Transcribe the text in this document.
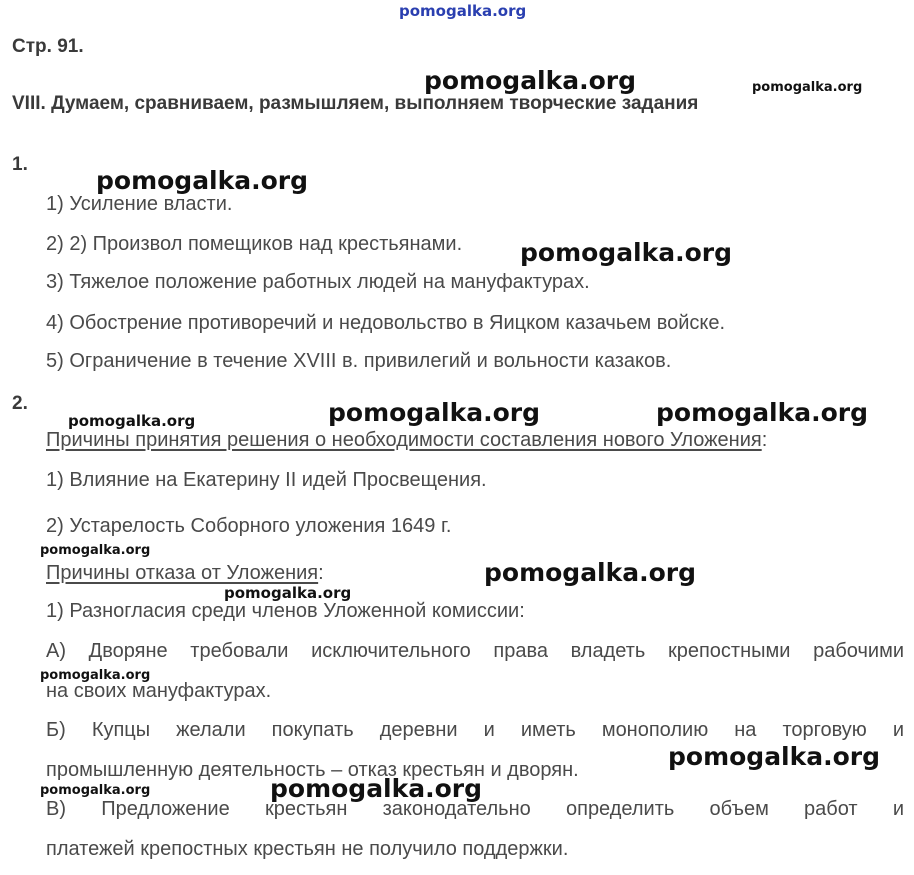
pomogalka.org
pomogalka.org	pomogalka.org
pomogalka.org
pomogalka.org
pomogalka.org	pomogalka.org	pomogalka.org
pomogalka.org
pomogalka.org
pomogalka.org
pomogalka.org
pomogalka.org
pomogalka.org	pomogalka.org
Стр. 91.
VIII. Думаем, сравниваем, размышляем, выполняем творческие задания
1.
1) Усиление власти.
2) 2) Произвол помещиков над крестьянами.
3) Тяжелое положение работных людей на мануфактурах.
4) Обострение противоречий и недовольство в Яицком казачьем войске.
5) Ограничение в течение XVIII в. привилегий и вольности казаков.
2.
Причины принятия решения о необходимости составления нового Уложения:
1) Влияние на Екатерину II идей Просвещения.
2) Устарелость Соборного уложения 1649 г.
Причины отказа от Уложения:
1) Разногласия среди членов Уложенной комиссии:
А) Дворяне требовали исключительного права владеть крепостными рабочими
на своих мануфактурах.
Б) Купцы желали покупать деревни и иметь монополию на торговую и
промышленную деятельность – отказ крестьян и дворян.
В) Предложение крестьян законодательно определить объем работ и
платежей крепостных крестьян не получило поддержки.
